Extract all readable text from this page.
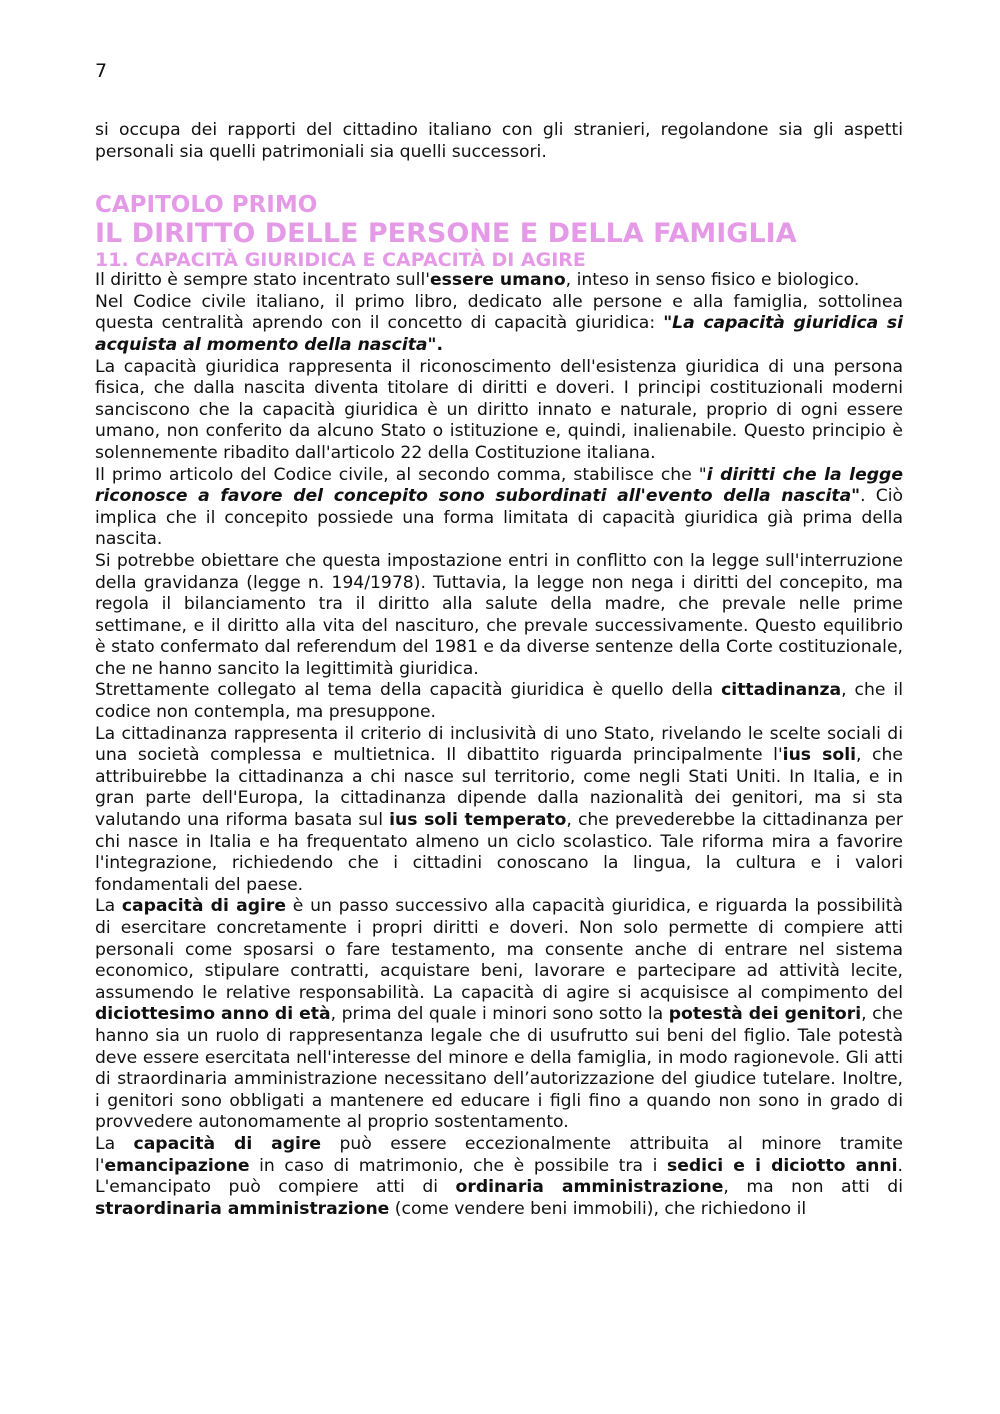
7

si occupa dei rapporti del cittadino italiano con gli stranieri, regolandone sia gli aspetti personali sia quelli patrimoniali sia quelli successori.

CAPITOLO PRIMO
IL DIRITTO DELLE PERSONE E DELLA FAMIGLIA
11. CAPACITÀ GIURIDICA E CAPACITÀ DI AGIRE

Il diritto è sempre stato incentrato sull'essere umano, inteso in senso fisico e biologico.

Nel Codice civile italiano, il primo libro, dedicato alle persone e alla famiglia, sottolinea questa centralità aprendo con il concetto di capacità giuridica: "La capacità giuridica si acquista al momento della nascita".

La capacità giuridica rappresenta il riconoscimento dell'esistenza giuridica di una persona fisica, che dalla nascita diventa titolare di diritti e doveri. I principi costituzionali moderni sanciscono che la capacità giuridica è un diritto innato e naturale, proprio di ogni essere umano, non conferito da alcuno Stato o istituzione e, quindi, inalienabile. Questo principio è solennemente ribadito dall'articolo 22 della Costituzione italiana.

Il primo articolo del Codice civile, al secondo comma, stabilisce che "i diritti che la legge riconosce a favore del concepito sono subordinati all'evento della nascita". Ciò implica che il concepito possiede una forma limitata di capacità giuridica già prima della nascita.

Si potrebbe obiettare che questa impostazione entri in conflitto con la legge sull'interruzione della gravidanza (legge n. 194/1978). Tuttavia, la legge non nega i diritti del concepito, ma regola il bilanciamento tra il diritto alla salute della madre, che prevale nelle prime settimane, e il diritto alla vita del nascituro, che prevale successivamente. Questo equilibrio è stato confermato dal referendum del 1981 e da diverse sentenze della Corte costituzionale, che ne hanno sancito la legittimità giuridica.

Strettamente collegato al tema della capacità giuridica è quello della cittadinanza, che il codice non contempla, ma presuppone.

La cittadinanza rappresenta il criterio di inclusività di uno Stato, rivelando le scelte sociali di una società complessa e multietnica. Il dibattito riguarda principalmente l'ius soli, che attribuirebbe la cittadinanza a chi nasce sul territorio, come negli Stati Uniti. In Italia, e in gran parte dell'Europa, la cittadinanza dipende dalla nazionalità dei genitori, ma si sta valutando una riforma basata sul ius soli temperato, che prevederebbe la cittadinanza per chi nasce in Italia e ha frequentato almeno un ciclo scolastico. Tale riforma mira a favorire l'integrazione, richiedendo che i cittadini conoscano la lingua, la cultura e i valori fondamentali del paese.

La capacità di agire è un passo successivo alla capacità giuridica, e riguarda la possibilità di esercitare concretamente i propri diritti e doveri. Non solo permette di compiere atti personali come sposarsi o fare testamento, ma consente anche di entrare nel sistema economico, stipulare contratti, acquistare beni, lavorare e partecipare ad attività lecite, assumendo le relative responsabilità. La capacità di agire si acquisisce al compimento del diciottesimo anno di età, prima del quale i minori sono sotto la potestà dei genitori, che hanno sia un ruolo di rappresentanza legale che di usufrutto sui beni del figlio. Tale potestà deve essere esercitata nell'interesse del minore e della famiglia, in modo ragionevole. Gli atti di straordinaria amministrazione necessitano dell’autorizzazione del giudice tutelare. Inoltre, i genitori sono obbligati a mantenere ed educare i figli fino a quando non sono in grado di provvedere autonomamente al proprio sostentamento.

La capacità di agire può essere eccezionalmente attribuita al minore tramite l'emancipazione in caso di matrimonio, che è possibile tra i sedici e i diciotto anni. L'emancipato può compiere atti di ordinaria amministrazione, ma non atti di straordinaria amministrazione (come vendere beni immobili), che richiedono il
